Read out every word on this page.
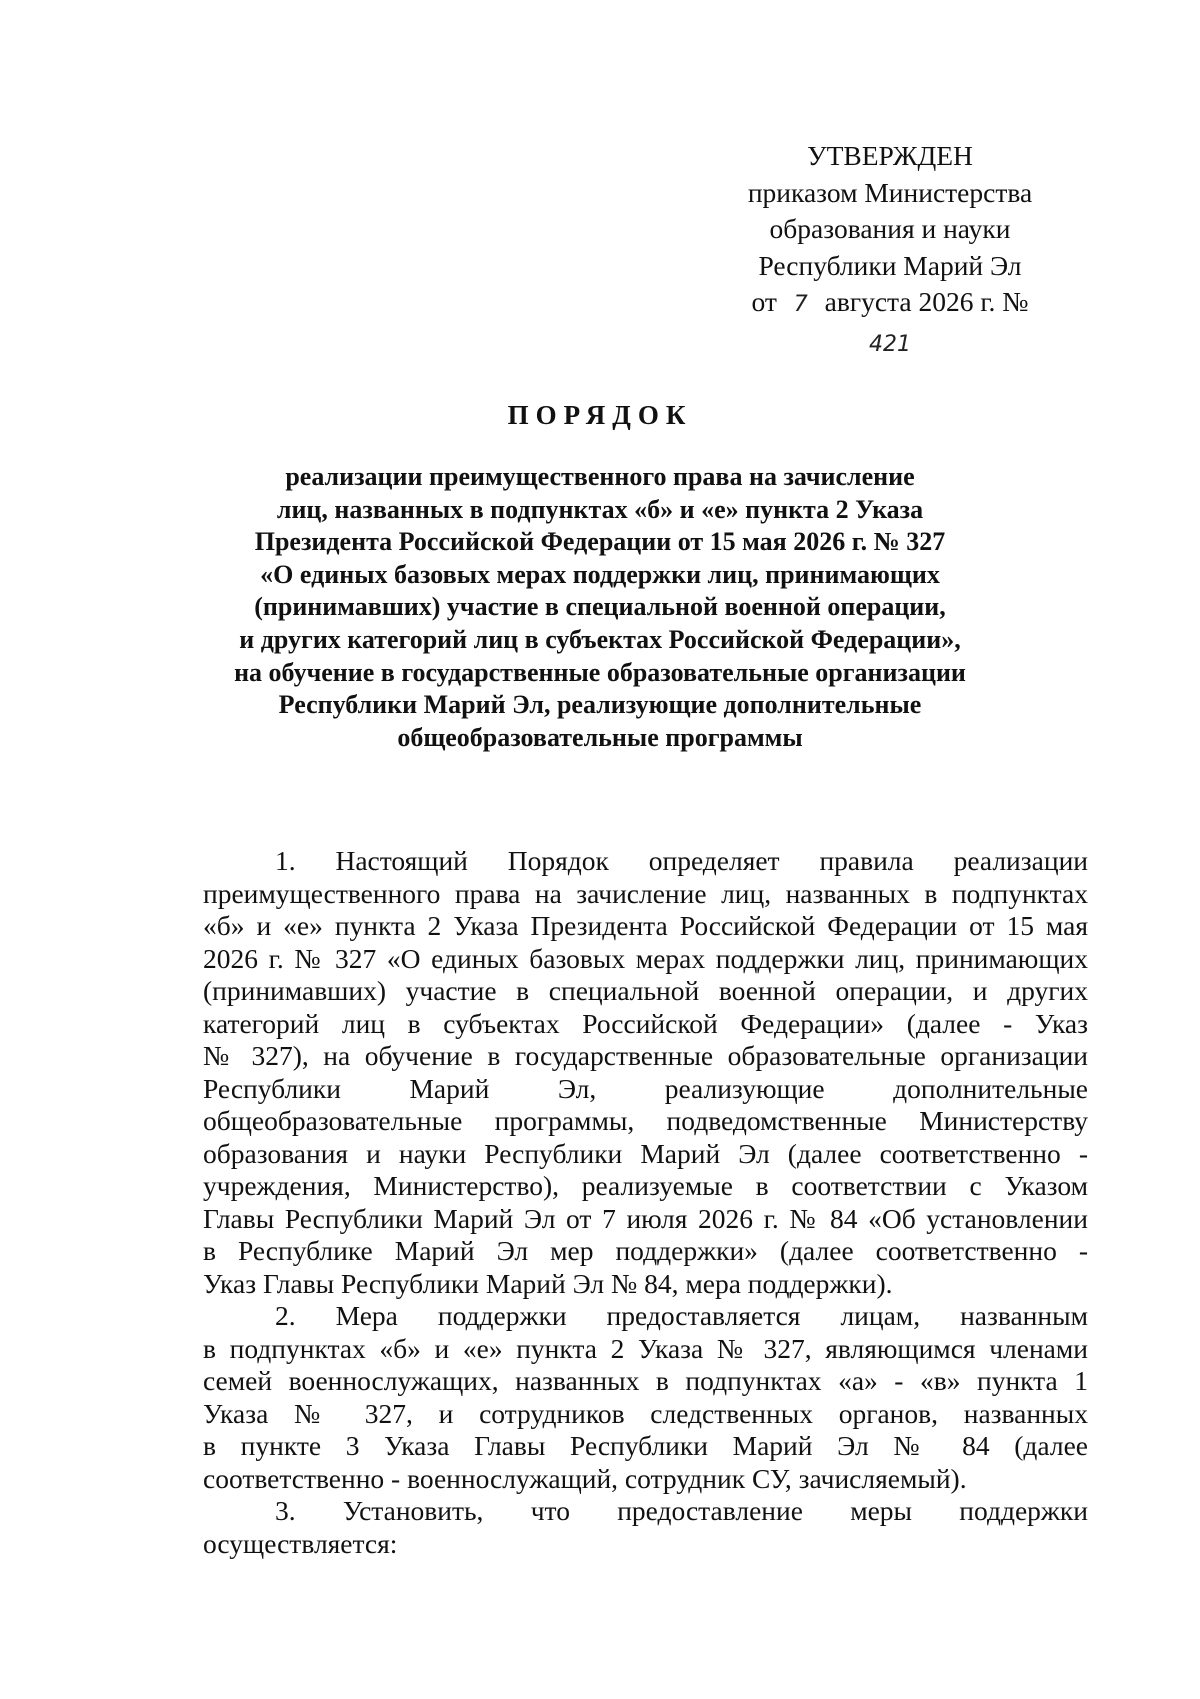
УТВЕРЖДЕН
приказом Министерства
образования и науки
Республики Марий Эл
от 7 августа 2026 г. № 421
ПОРЯДОК
реализации преимущественного права на зачисление
лиц, названных в подпунктах «б» и «е» пункта 2 Указа
Президента Российской Федерации от 15 мая 2026 г. № 327
«О единых базовых мерах поддержки лиц, принимающих
(принимавших) участие в специальной военной операции,
и других категорий лиц в субъектах Российской Федерации»,
на обучение в государственные образовательные организации
Республики Марий Эл, реализующие дополнительные
общеобразовательные программы
1. Настоящий Порядок определяет правила реализации
преимущественного права на зачисление лиц, названных в подпунктах
«б» и «е» пункта 2 Указа Президента Российской Федерации от 15 мая
2026 г. № 327 «О единых базовых мерах поддержки лиц, принимающих
(принимавших) участие в специальной военной операции, и других
категорий лиц в субъектах Российской Федерации» (далее - Указ
№ 327), на обучение в государственные образовательные организации
Республики Марий Эл, реализующие дополнительные
общеобразовательные программы, подведомственные Министерству
образования и науки Республики Марий Эл (далее соответственно -
учреждения, Министерство), реализуемые в соответствии с Указом
Главы Республики Марий Эл от 7 июля 2026 г. № 84 «Об установлении
в Республике Марий Эл мер поддержки» (далее соответственно -
Указ Главы Республики Марий Эл № 84, мера поддержки).
2. Мера поддержки предоставляется лицам, названным
в подпунктах «б» и «е» пункта 2 Указа № 327, являющимся членами
семей военнослужащих, названных в подпунктах «а» - «в» пункта 1
Указа № 327, и сотрудников следственных органов, названных
в пункте 3 Указа Главы Республики Марий Эл № 84 (далее
соответственно - военнослужащий, сотрудник СУ, зачисляемый).
3. Установить, что предоставление меры поддержки
осуществляется:
